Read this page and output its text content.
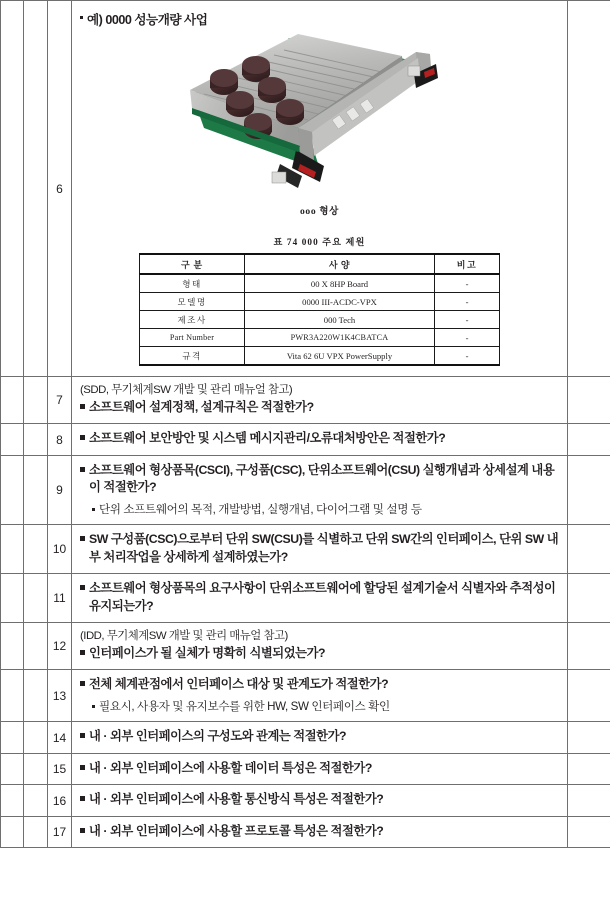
		6	
예) 0000 성능개량 사업
ooo 형상
표 74 000 주요 제원
구 분	사 양	비고
형태	00 X 8HP Board	-
모델명	0000 III-ACDC-VPX	-
제조사	000 Tech	-
Part Number	PWR3A220W1K4CBATCA	-
규격	Vita 62 6U VPX PowerSupply	-

		7	
(SDD, 무기체계SW 개발 및 관리 매뉴얼 참고)
소프트웨어 설계정책, 설계규칙은 적절한가?

		8	소프트웨어 보안방안 및 시스템 메시지관리/오류대처방안은 적절한가?

		9	
소프트웨어 형상품목(CSCI), 구성품(CSC), 단위소프트웨어(CSU) 실행개념과 상세설계 내용이 적절한가?
단위 소프트웨어의 목적, 개발방법, 실행개념, 다이어그램 및 설명 등

		10	
SW 구성품(CSC)으로부터 단위 SW(CSU)를 식별하고 단위 SW간의 인터페이스, 단위 SW 내부 처리작업을 상세하게 설계하였는가?

		11	
소프트웨어 형상품목의 요구사항이 단위소프트웨어에 할당된 설계기술서 식별자와 추적성이 유지되는가?

		12	
(IDD, 무기체계SW 개발 및 관리 매뉴얼 참고)
인터페이스가 될 실체가 명확히 식별되었는가?

		13	
전체 체계관점에서 인터페이스 대상 및 관계도가 적절한가?
필요시, 사용자 및 유지보수를 위한 HW, SW 인터페이스 확인

		14	내 · 외부 인터페이스의 구성도와 관계는 적절한가?

		15	내 · 외부 인터페이스에 사용할 데이터 특성은 적절한가?

		16	내 · 외부 인터페이스에 사용할 통신방식 특성은 적절한가?

		17	내 · 외부 인터페이스에 사용할 프로토콜 특성은 적절한가?
